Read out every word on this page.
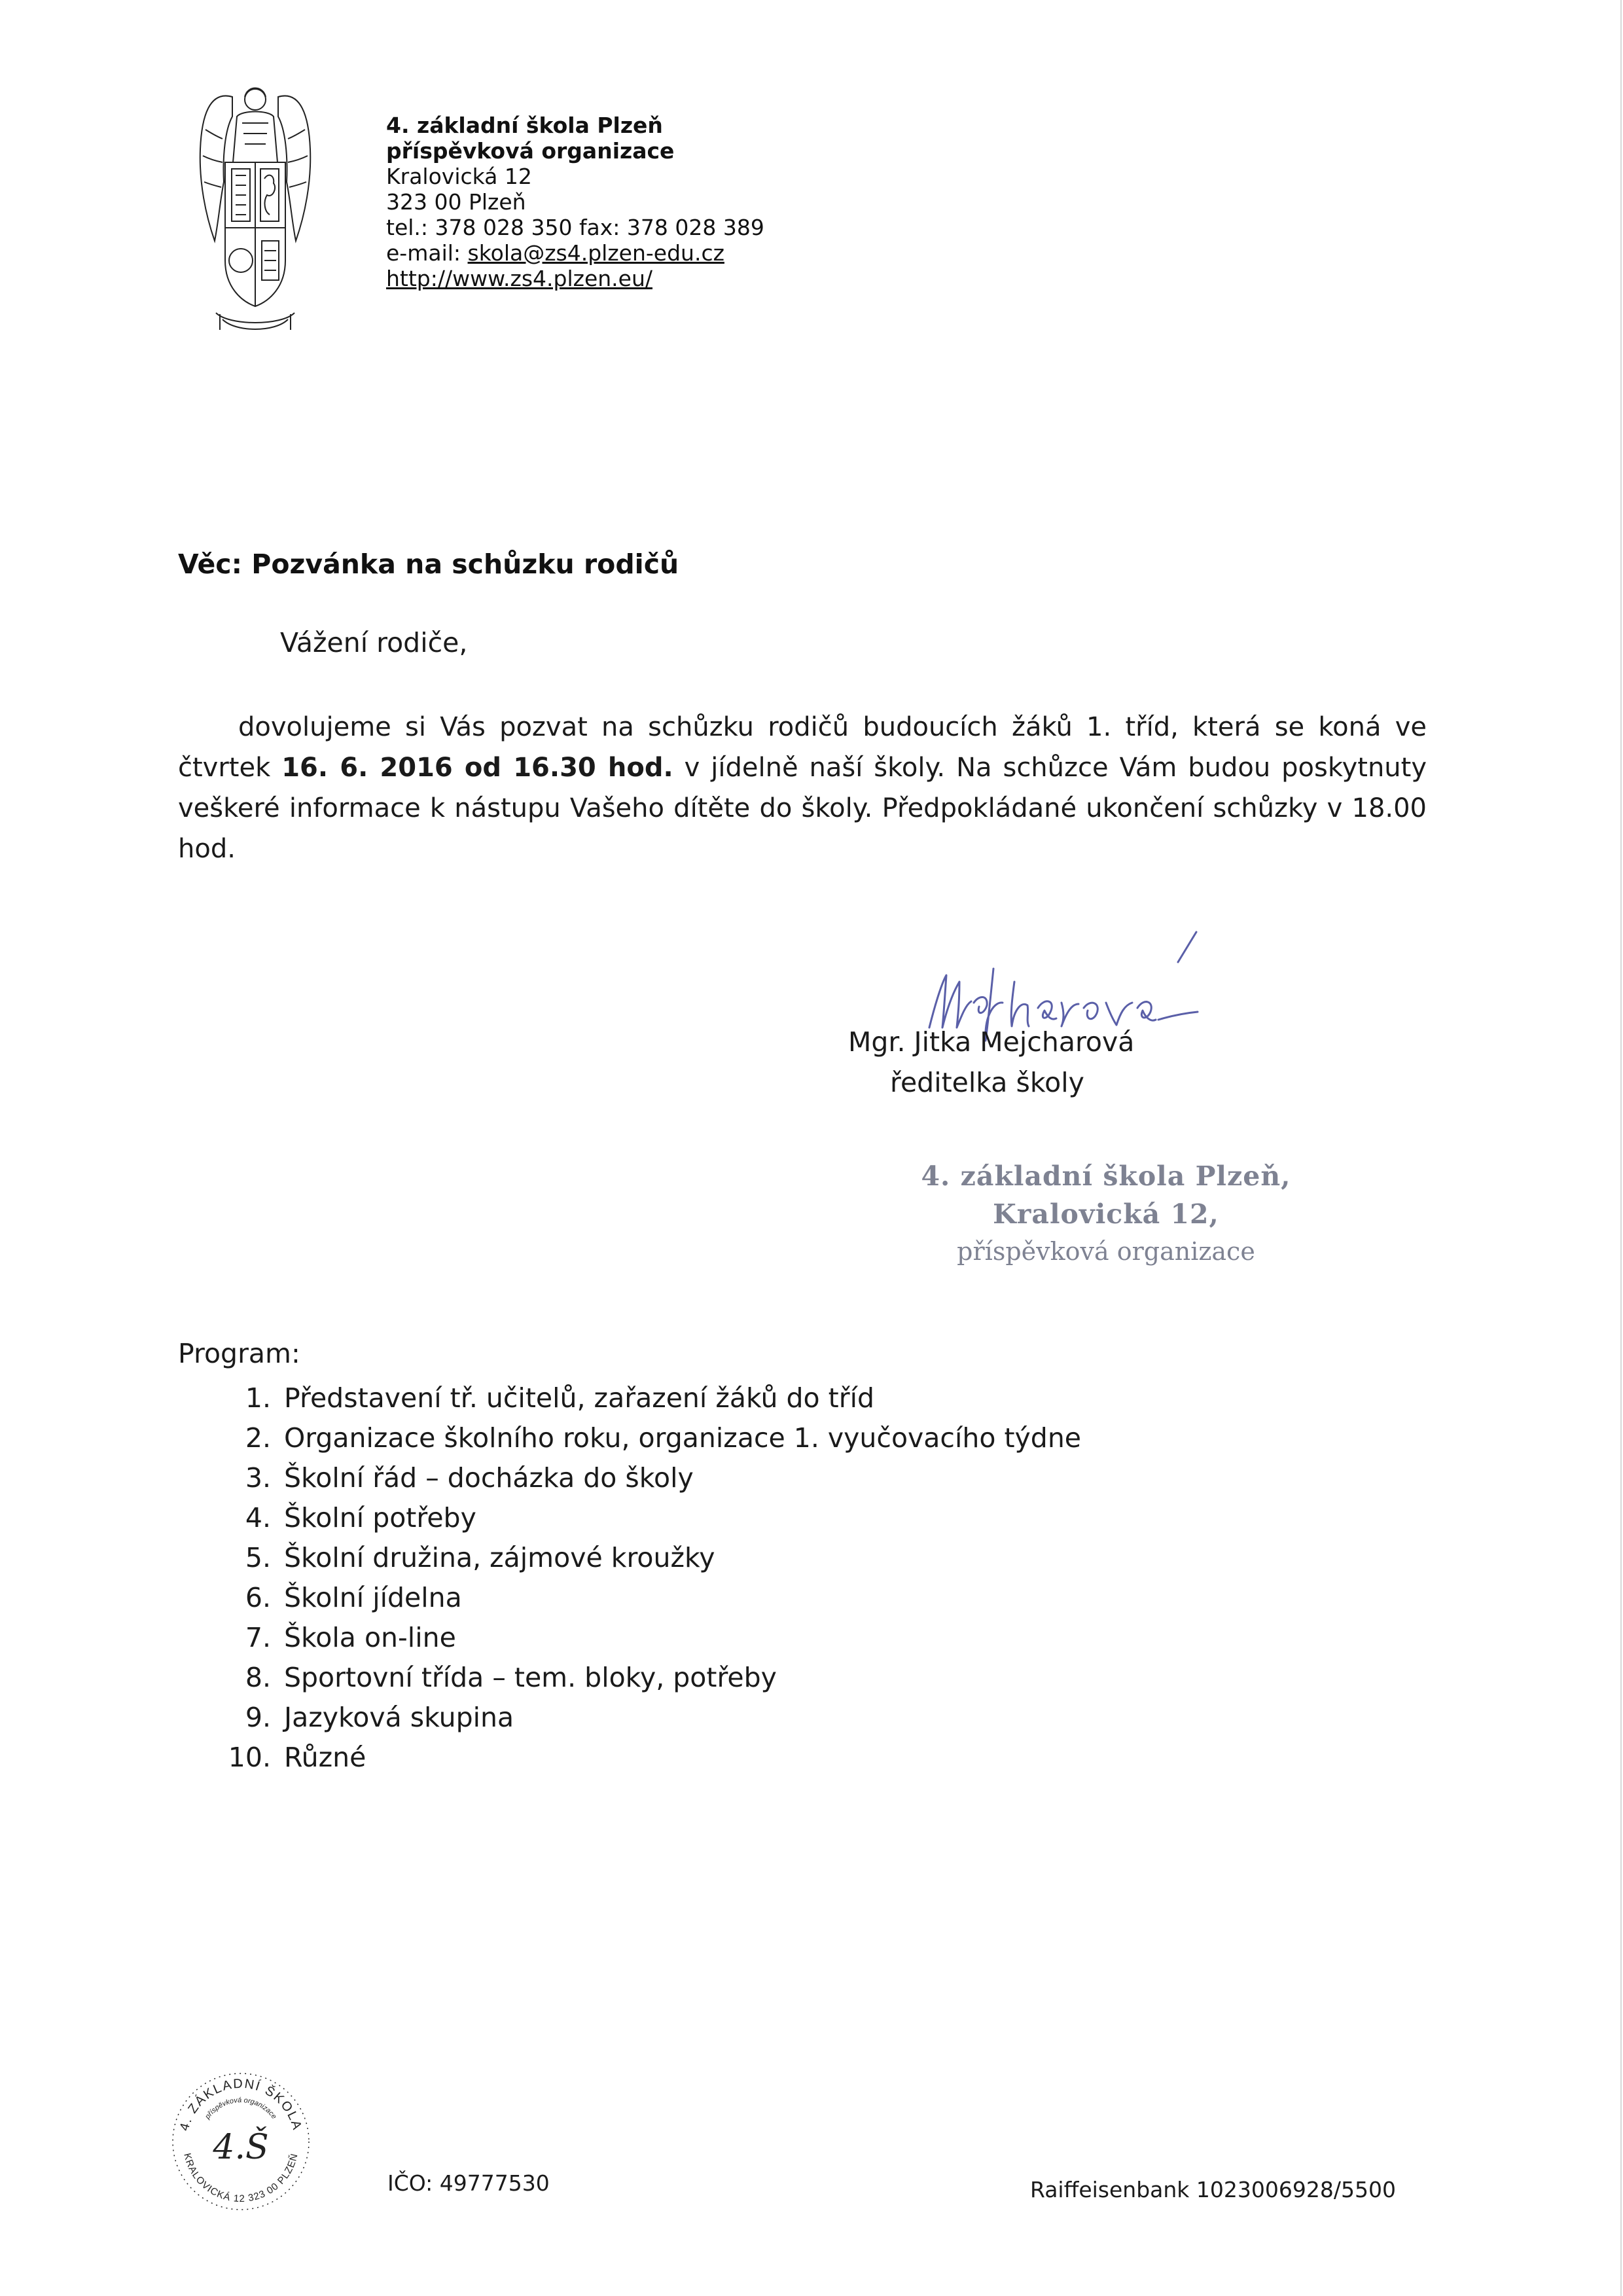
4. základní škola Plzeň
příspěvková organizace
Kralovická 12
323 00 Plzeň
tel.: 378 028 350 fax: 378 028 389
e-mail: skola@zs4.plzen-edu.cz
http://www.zs4.plzen.eu/
Věc: Pozvánka na schůzku rodičů
Vážení rodiče,
dovolujeme si Vás pozvat na schůzku rodičů budoucích žáků 1. tříd, která se koná ve čtvrtek 16. 6. 2016 od 16.30 hod. v jídelně naší školy. Na schůzce Vám budou poskytnuty veškeré informace k nástupu Vašeho dítěte do školy. Předpokládané ukončení schůzky v 18.00 hod.
Mgr. Jitka Mejcharová
ředitelka školy
4. základní škola Plzeň,
Kralovická 12,
příspěvková organizace
Program:
1. Představení tř. učitelů, zařazení žáků do tříd
2. Organizace školního roku, organizace 1. vyučovacího týdne
3. Školní řád – docházka do školy
4. Školní potřeby
5. Školní družina, zájmové kroužky
6. Školní jídelna
7. Škola on-line
8. Sportovní třída – tem. bloky, potřeby
9. Jazyková skupina
10. Různé
4. ZÁKLADNÍ ŠKOLA
příspěvková organizace
KRALOVICKÁ 12 323 00 PLZEŇ
4.Š
IČO: 49777530	Raiffeisenbank 1023006928/5500
